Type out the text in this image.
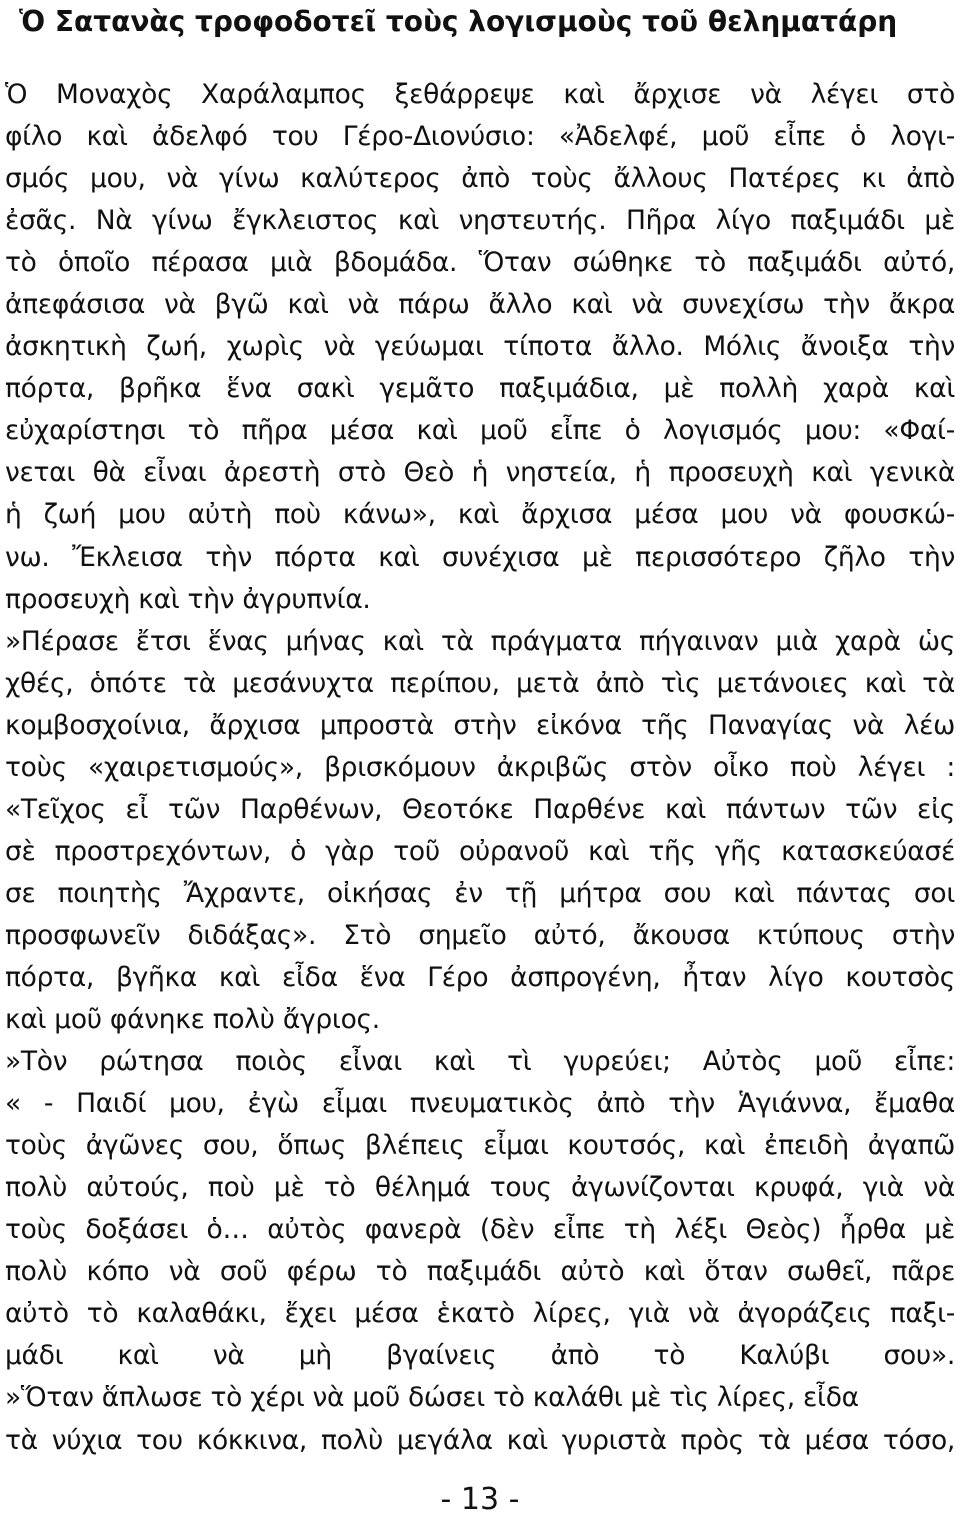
Ὁ Σατανὰς τροφοδοτεῖ τοὺς λογισμοὺς τοῦ θεληματάρη
Ὁ Μοναχὸς Χαράλαμπος ξεθάρρεψε καὶ ἄρχισε νὰ λέγει στὸ
φίλο καὶ ἀδελφό του Γέρο-Διονύσιο: «Ἀδελφέ, μοῦ εἶπε ὁ λογι-
σμός μου, νὰ γίνω καλύτερος ἀπὸ τοὺς ἄλλους Πατέρες κι ἀπὸ
ἐσᾶς. Νὰ γίνω ἔγκλειστος καὶ νηστευτής. Πῆρα λίγο παξιμάδι μὲ
τὸ ὁποῖο πέρασα μιὰ βδομάδα. Ὅταν σώθηκε τὸ παξιμάδι αὐτό,
ἀπεφάσισα νὰ βγῶ καὶ νὰ πάρω ἄλλο καὶ νὰ συνεχίσω τὴν ἄκρα
ἀσκητικὴ ζωή, χωρὶς νὰ γεύωμαι τίποτα ἄλλο. Μόλις ἄνοιξα τὴν
πόρτα, βρῆκα ἕνα σακὶ γεμᾶτο παξιμάδια, μὲ πολλὴ χαρὰ καὶ
εὐχαρίστησι τὸ πῆρα μέσα καὶ μοῦ εἶπε ὁ λογισμός μου: «Φαί-
νεται θὰ εἶναι ἀρεστὴ στὸ Θεὸ ἡ νηστεία, ἡ προσευχὴ καὶ γενικὰ
ἡ ζωή μου αὐτὴ ποὺ κάνω», καὶ ἄρχισα μέσα μου νὰ φουσκώ-
νω. Ἔκλεισα τὴν πόρτα καὶ συνέχισα μὲ περισσότερο ζῆλο τὴν
προσευχὴ καὶ τὴν ἀγρυπνία.
»Πέρασε ἔτσι ἕνας μήνας καὶ τὰ πράγματα πήγαιναν μιὰ χαρὰ ὡς
χθές, ὁπότε τὰ μεσάνυχτα περίπου, μετὰ ἀπὸ τὶς μετάνοιες καὶ τὰ
κομβοσχοίνια, ἄρχισα μπροστὰ στὴν εἰκόνα τῆς Παναγίας νὰ λέω
τοὺς «χαιρετισμούς», βρισκόμουν ἀκριβῶς στὸν οἶκο ποὺ λέγει :
«Τεῖχος εἶ τῶν Παρθένων, Θεοτόκε Παρθένε καὶ πάντων τῶν εἰς
σὲ προστρεχόντων, ὁ γὰρ τοῦ οὐρανοῦ καὶ τῆς γῆς κατασκεύασέ
σε ποιητὴς Ἄχραντε, οἰκήσας ἐν τῇ μήτρα σου καὶ πάντας σοι
προσφωνεῖν διδάξας». Στὸ σημεῖο αὐτό, ἄκουσα κτύπους στὴν
πόρτα, βγῆκα καὶ εἶδα ἕνα Γέρο ἀσπρογένη, ἦταν λίγο κουτσὸς
καὶ μοῦ φάνηκε πολὺ ἄγριος.
»Τὸν ρώτησα ποιὸς εἶναι καὶ τὶ γυρεύει; Αὐτὸς μοῦ εἶπε:
« - Παιδί μου, ἐγὼ εἶμαι πνευματικὸς ἀπὸ τὴν Ἁγιάννα, ἔμαθα
τοὺς ἀγῶνες σου, ὅπως βλέπεις εἶμαι κουτσός, καὶ ἐπειδὴ ἀγαπῶ
πολὺ αὐτούς, ποὺ μὲ τὸ θέλημά τους ἀγωνίζονται κρυφά, γιὰ νὰ
τοὺς δοξάσει ὁ… αὐτὸς φανερὰ (δὲν εἶπε τὴ λέξι Θεὸς) ἦρθα μὲ
πολὺ κόπο νὰ σοῦ φέρω τὸ παξιμάδι αὐτὸ καὶ ὅταν σωθεῖ, πᾶρε
αὐτὸ τὸ καλαθάκι, ἔχει μέσα ἑκατὸ λίρες, γιὰ νὰ ἀγοράζεις παξι-
μάδι καὶ νὰ μὴ βγαίνεις ἀπὸ τὸ Καλύβι σου».
»Ὅταν ἅπλωσε τὸ χέρι νὰ μοῦ δώσει τὸ καλάθι μὲ τὶς λίρες, εἶδα
τὰ νύχια του κόκκινα, πολὺ μεγάλα καὶ γυριστὰ πρὸς τὰ μέσα τόσο,
- 13 -
